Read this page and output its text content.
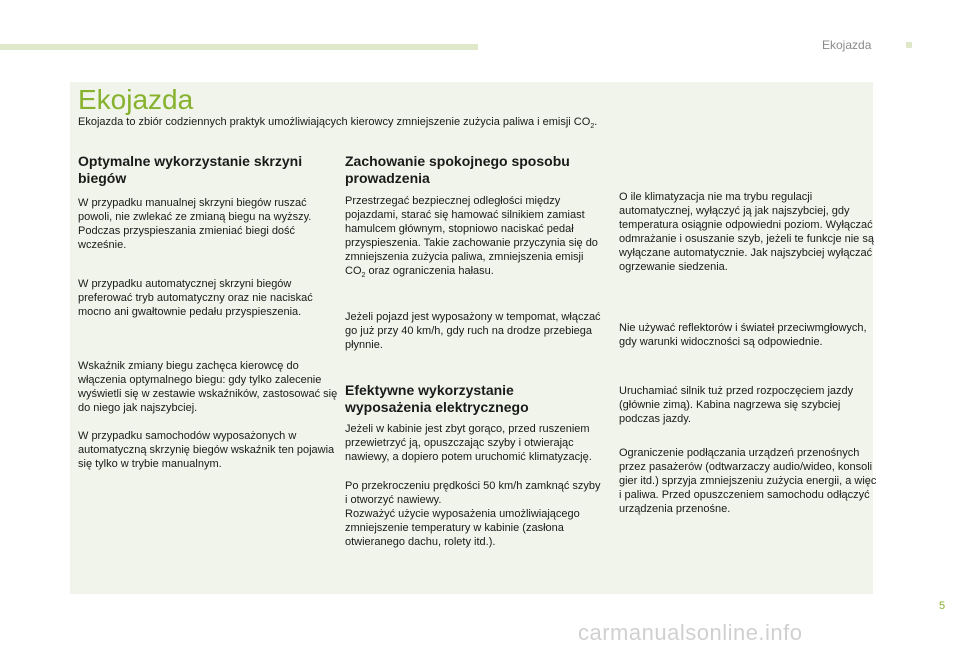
Ekojazda
Ekojazda
Ekojazda to zbiór codziennych praktyk umożliwiających kierowcy zmniejszenie zużycia paliwa i emisji $CO_2$.
Optymalne wykorzystanie skrzyni biegów

W przypadku manualnej skrzyni biegów ruszać powoli, nie zwlekać ze zmianą biegu na wyższy. Podczas przyspieszania zmieniać biegi dość wcześnie.

W przypadku automatycznej skrzyni biegów preferować tryb automatyczny oraz nie naciskać mocno ani gwałtownie pedału przyspieszenia.

Wskaźnik zmiany biegu zachęca kierowcę do włączenia optymalnego biegu: gdy tylko zalecenie wyświetli się w zestawie wskaźników, zastosować się do niego jak najszybciej.

W przypadku samochodów wyposażonych w automatyczną skrzynię biegów wskaźnik ten pojawia się tylko w trybie manualnym.

Zachowanie spokojnego sposobu prowadzenia

Przestrzegać bezpiecznej odległości między pojazdami, starać się hamować silnikiem zamiast hamulcem głównym, stopniowo naciskać pedał przyspieszenia. Takie zachowanie przyczynia się do zmniejszenia zużycia paliwa, zmniejszenia emisji $CO_2$ oraz ograniczenia hałasu.

Jeżeli pojazd jest wyposażony w tempomat, włączać go już przy 40 km/h, gdy ruch na drodze przebiega płynnie.

Efektywne wykorzystanie wyposażenia elektrycznego

Jeżeli w kabinie jest zbyt gorąco, przed ruszeniem przewietrzyć ją, opuszczając szyby i otwierając nawiewy, a dopiero potem uruchomić klimatyzację.

Po przekroczeniu prędkości 50 km/h zamknąć szyby i otworzyć nawiewy.

Rozważyć użycie wyposażenia umożliwiającego zmniejszenie temperatury w kabinie (zasłona otwieranego dachu, rolety itd.).

O ile klimatyzacja nie ma trybu regulacji automatycznej, wyłączyć ją jak najszybciej, gdy temperatura osiągnie odpowiedni poziom. Wyłączać odmrażanie i osuszanie szyb, jeżeli te funkcje nie są wyłączane automatycznie. Jak najszybciej wyłączać ogrzewanie siedzenia.

Nie używać reflektorów i świateł przeciwmgłowych, gdy warunki widoczności są odpowiednie.

Uruchamiać silnik tuż przed rozpoczęciem jazdy (głównie zimą). Kabina nagrzewa się szybciej podczas jazdy.

Ograniczenie podłączania urządzeń przenośnych przez pasażerów (odtwarzaczy audio/wideo, konsoli gier itd.) sprzyja zmniejszeniu zużycia energii, a więc i paliwa. Przed opuszczeniem samochodu odłączyć urządzenia przenośne.

5
carmanualsonline.info
